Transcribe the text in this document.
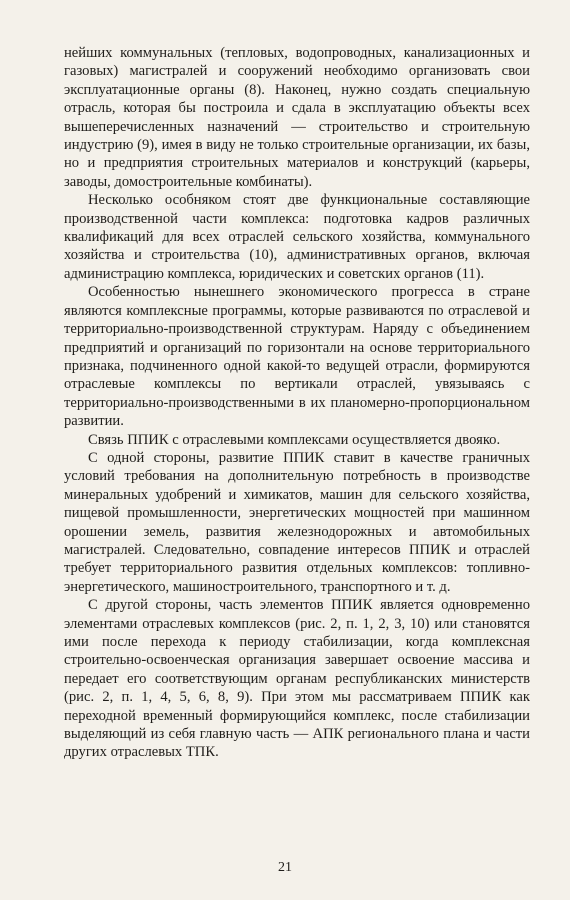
нейших коммунальных (тепловых, водопроводных, канализационных и газовых) магистралей и сооружений необходимо организовать свои эксплуатационные органы (8). Наконец, нужно создать специальную отрасль, которая бы построила и сдала в эксплуатацию объекты всех вышеперечисленных назначений — строительство и строительную индустрию (9), имея в виду не только строительные организации, их базы, но и предприятия строительных материалов и конструкций (карьеры, заводы, домостроительные комбинаты).

Несколько особняком стоят две функциональные составляющие производственной части комплекса: подготовка кадров различных квалификаций для всех отраслей сельского хозяйства, коммунального хозяйства и строительства (10), административных органов, включая администрацию комплекса, юридических и советских органов (11).

Особенностью нынешнего экономического прогресса в стране являются комплексные программы, которые развиваются по отраслевой и территориально-производственной структурам. Наряду с объединением предприятий и организаций по горизонтали на основе территориального признака, подчиненного одной какой-то ведущей отрасли, формируются отраслевые комплексы по вертикали отраслей, увязываясь с территориально-производственными в их планомерно-пропорциональном развитии.

Связь ППИК с отраслевыми комплексами осуществляется двояко.

С одной стороны, развитие ППИК ставит в качестве граничных условий требования на дополнительную потребность в производстве минеральных удобрений и химикатов, машин для сельского хозяйства, пищевой промышленности, энергетических мощностей при машинном орошении земель, развития железнодорожных и автомобильных магистралей. Следовательно, совпадение интересов ППИК и отраслей требует территориального развития отдельных комплексов: топливно-энергетического, машиностроительного, транспортного и т. д.

С другой стороны, часть элементов ППИК является одновременно элементами отраслевых комплексов (рис. 2, п. 1, 2, 3, 10) или становятся ими после перехода к периоду стабилизации, когда комплексная строительно-освоенческая организация завершает освоение массива и передает его соответствующим органам республиканских министерств (рис. 2, п. 1, 4, 5, 6, 8, 9). При этом мы рассматриваем ППИК как переходной временный формирующийся комплекс, после стабилизации выделяющий из себя главную часть — АПК регионального плана и части других отраслевых ТПК.

21
